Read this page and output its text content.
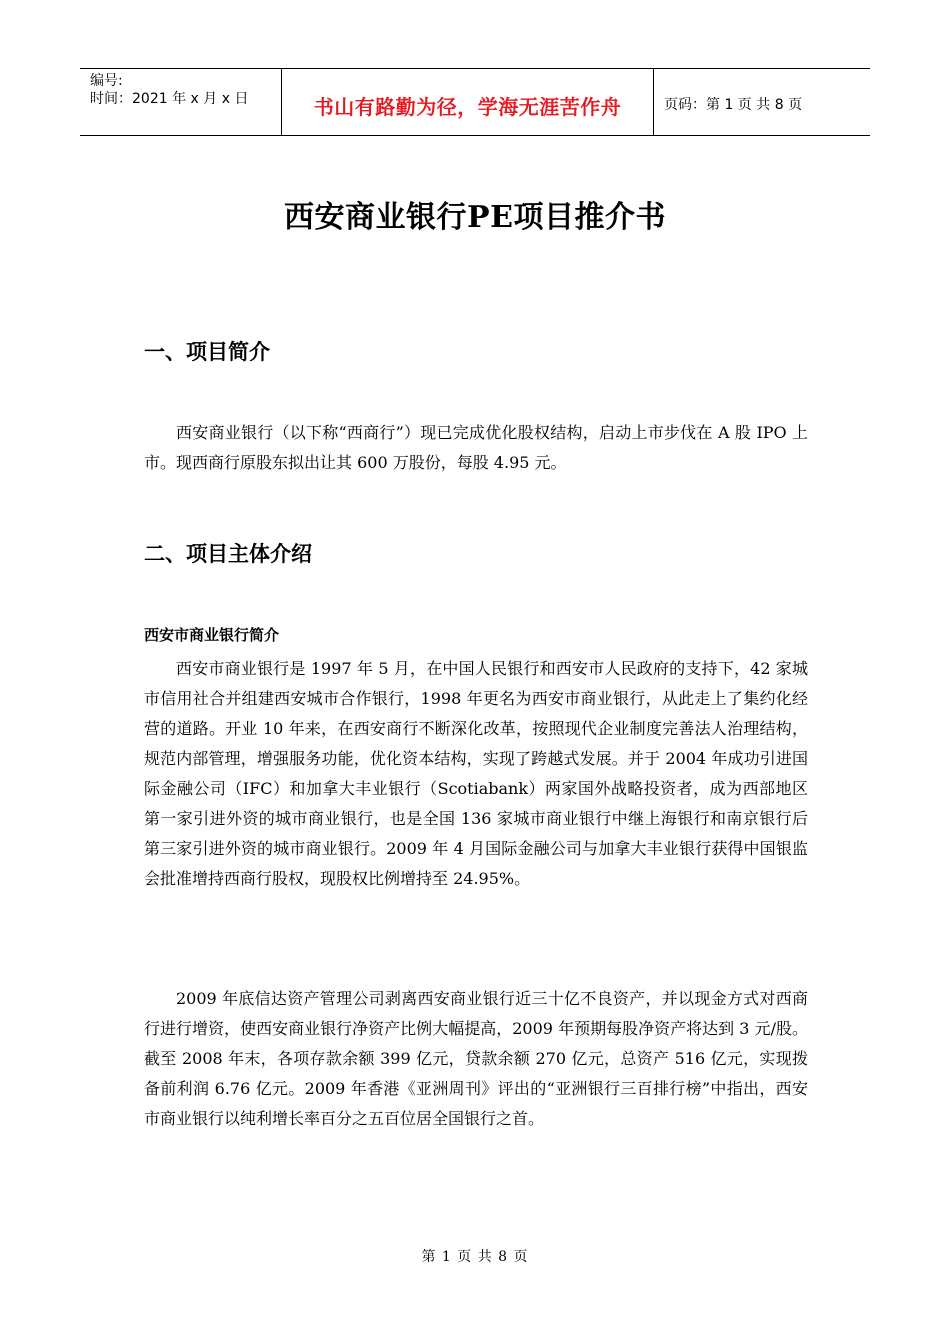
编号:
时间：2021 年 x 月 x 日	书山有路勤为径，学海无涯苦作舟	页码：第 1 页 共 8 页
西安商业银行PE项目推介书
一、项目简介

西安商业银行（以下称“西商行”）现已完成优化股权结构，启动上市步伐在 A 股 IPO 上市。现西商行原股东拟出让其 600 万股份，每股 4.95 元。

二、项目主体介绍
西安市商业银行简介

西安市商业银行是 1997 年 5 月，在中国人民银行和西安市人民政府的支持下，42 家城市信用社合并组建西安城市合作银行，1998 年更名为西安市商业银行，从此走上了集约化经营的道路。开业 10 年来，在西安商行不断深化改革，按照现代企业制度完善法人治理结构，规范内部管理，增强服务功能，优化资本结构，实现了跨越式发展。并于 2004 年成功引进国际金融公司（IFC）和加拿大丰业银行（Scotiabank）两家国外战略投资者，成为西部地区第一家引进外资的城市商业银行，也是全国 136 家城市商业银行中继上海银行和南京银行后第三家引进外资的城市商业银行。2009 年 4 月国际金融公司与加拿大丰业银行获得中国银监会批准增持西商行股权，现股权比例增持至 24.95%。

2009 年底信达资产管理公司剥离西安商业银行近三十亿不良资产，并以现金方式对西商行进行增资，使西安商业银行净资产比例大幅提高，2009 年预期每股净资产将达到 3 元/股。截至 2008 年末，各项存款余额 399 亿元，贷款余额 270 亿元，总资产 516 亿元，实现拨备前利润 6.76 亿元。2009 年香港《亚洲周刊》评出的“亚洲银行三百排行榜”中指出，西安市商业银行以纯利增长率百分之五百位居全国银行之首。

第 1 页 共 8 页
